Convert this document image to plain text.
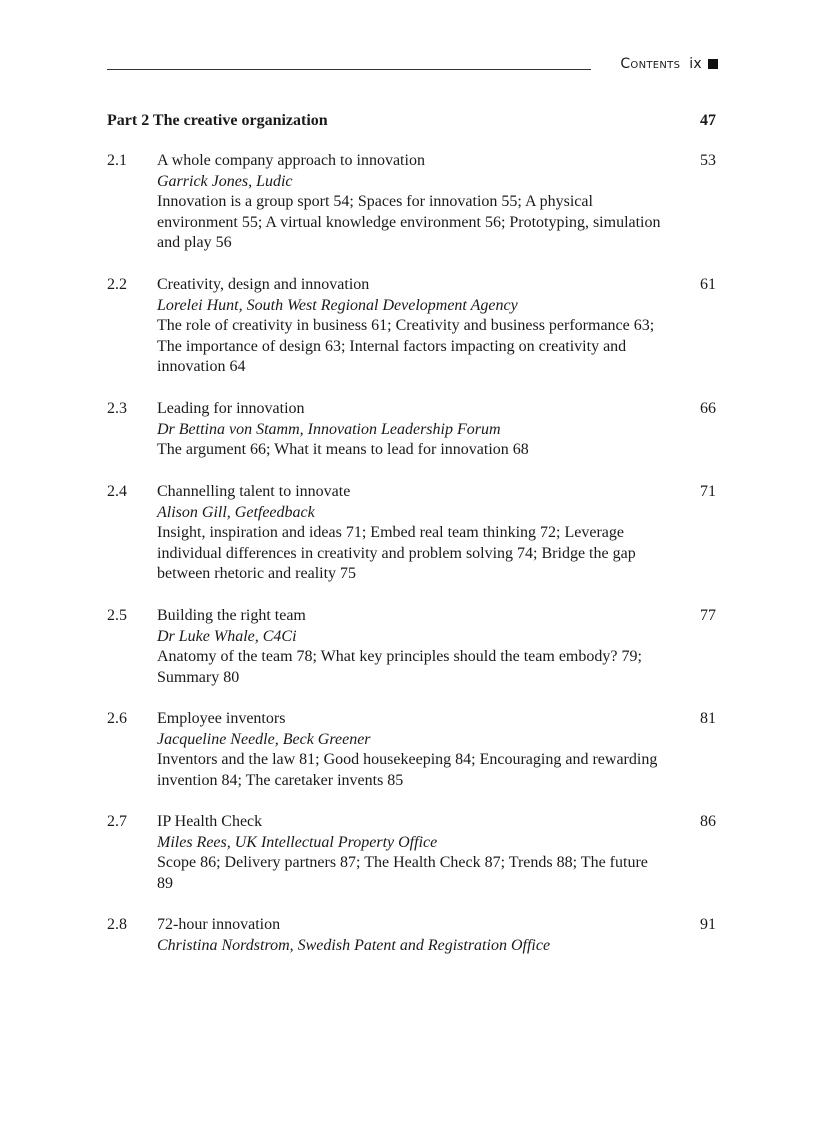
Contents ix
Part 2 The creative organization	47
2.1 A whole company approach to innovation
Garrick Jones, Ludic
Innovation is a group sport 54; Spaces for innovation 55; A physical environment 55; A virtual knowledge environment 56; Prototyping, simulation and play 56
53
2.2 Creativity, design and innovation
Lorelei Hunt, South West Regional Development Agency
The role of creativity in business 61; Creativity and business performance 63; The importance of design 63; Internal factors impacting on creativity and innovation 64
61
2.3 Leading for innovation
Dr Bettina von Stamm, Innovation Leadership Forum
The argument 66; What it means to lead for innovation 68
66
2.4 Channelling talent to innovate
Alison Gill, Getfeedback
Insight, inspiration and ideas 71; Embed real team thinking 72; Leverage individual differences in creativity and problem solving 74; Bridge the gap between rhetoric and reality 75
71
2.5 Building the right team
Dr Luke Whale, C4Ci
Anatomy of the team 78; What key principles should the team embody? 79; Summary 80
77
2.6 Employee inventors
Jacqueline Needle, Beck Greener
Inventors and the law 81; Good housekeeping 84; Encouraging and rewarding invention 84; The caretaker invents 85
81
2.7 IP Health Check
Miles Rees, UK Intellectual Property Office
Scope 86; Delivery partners 87; The Health Check 87; Trends 88; The future 89
86
2.8 72-hour innovation
Christina Nordstrom, Swedish Patent and Registration Office
91
